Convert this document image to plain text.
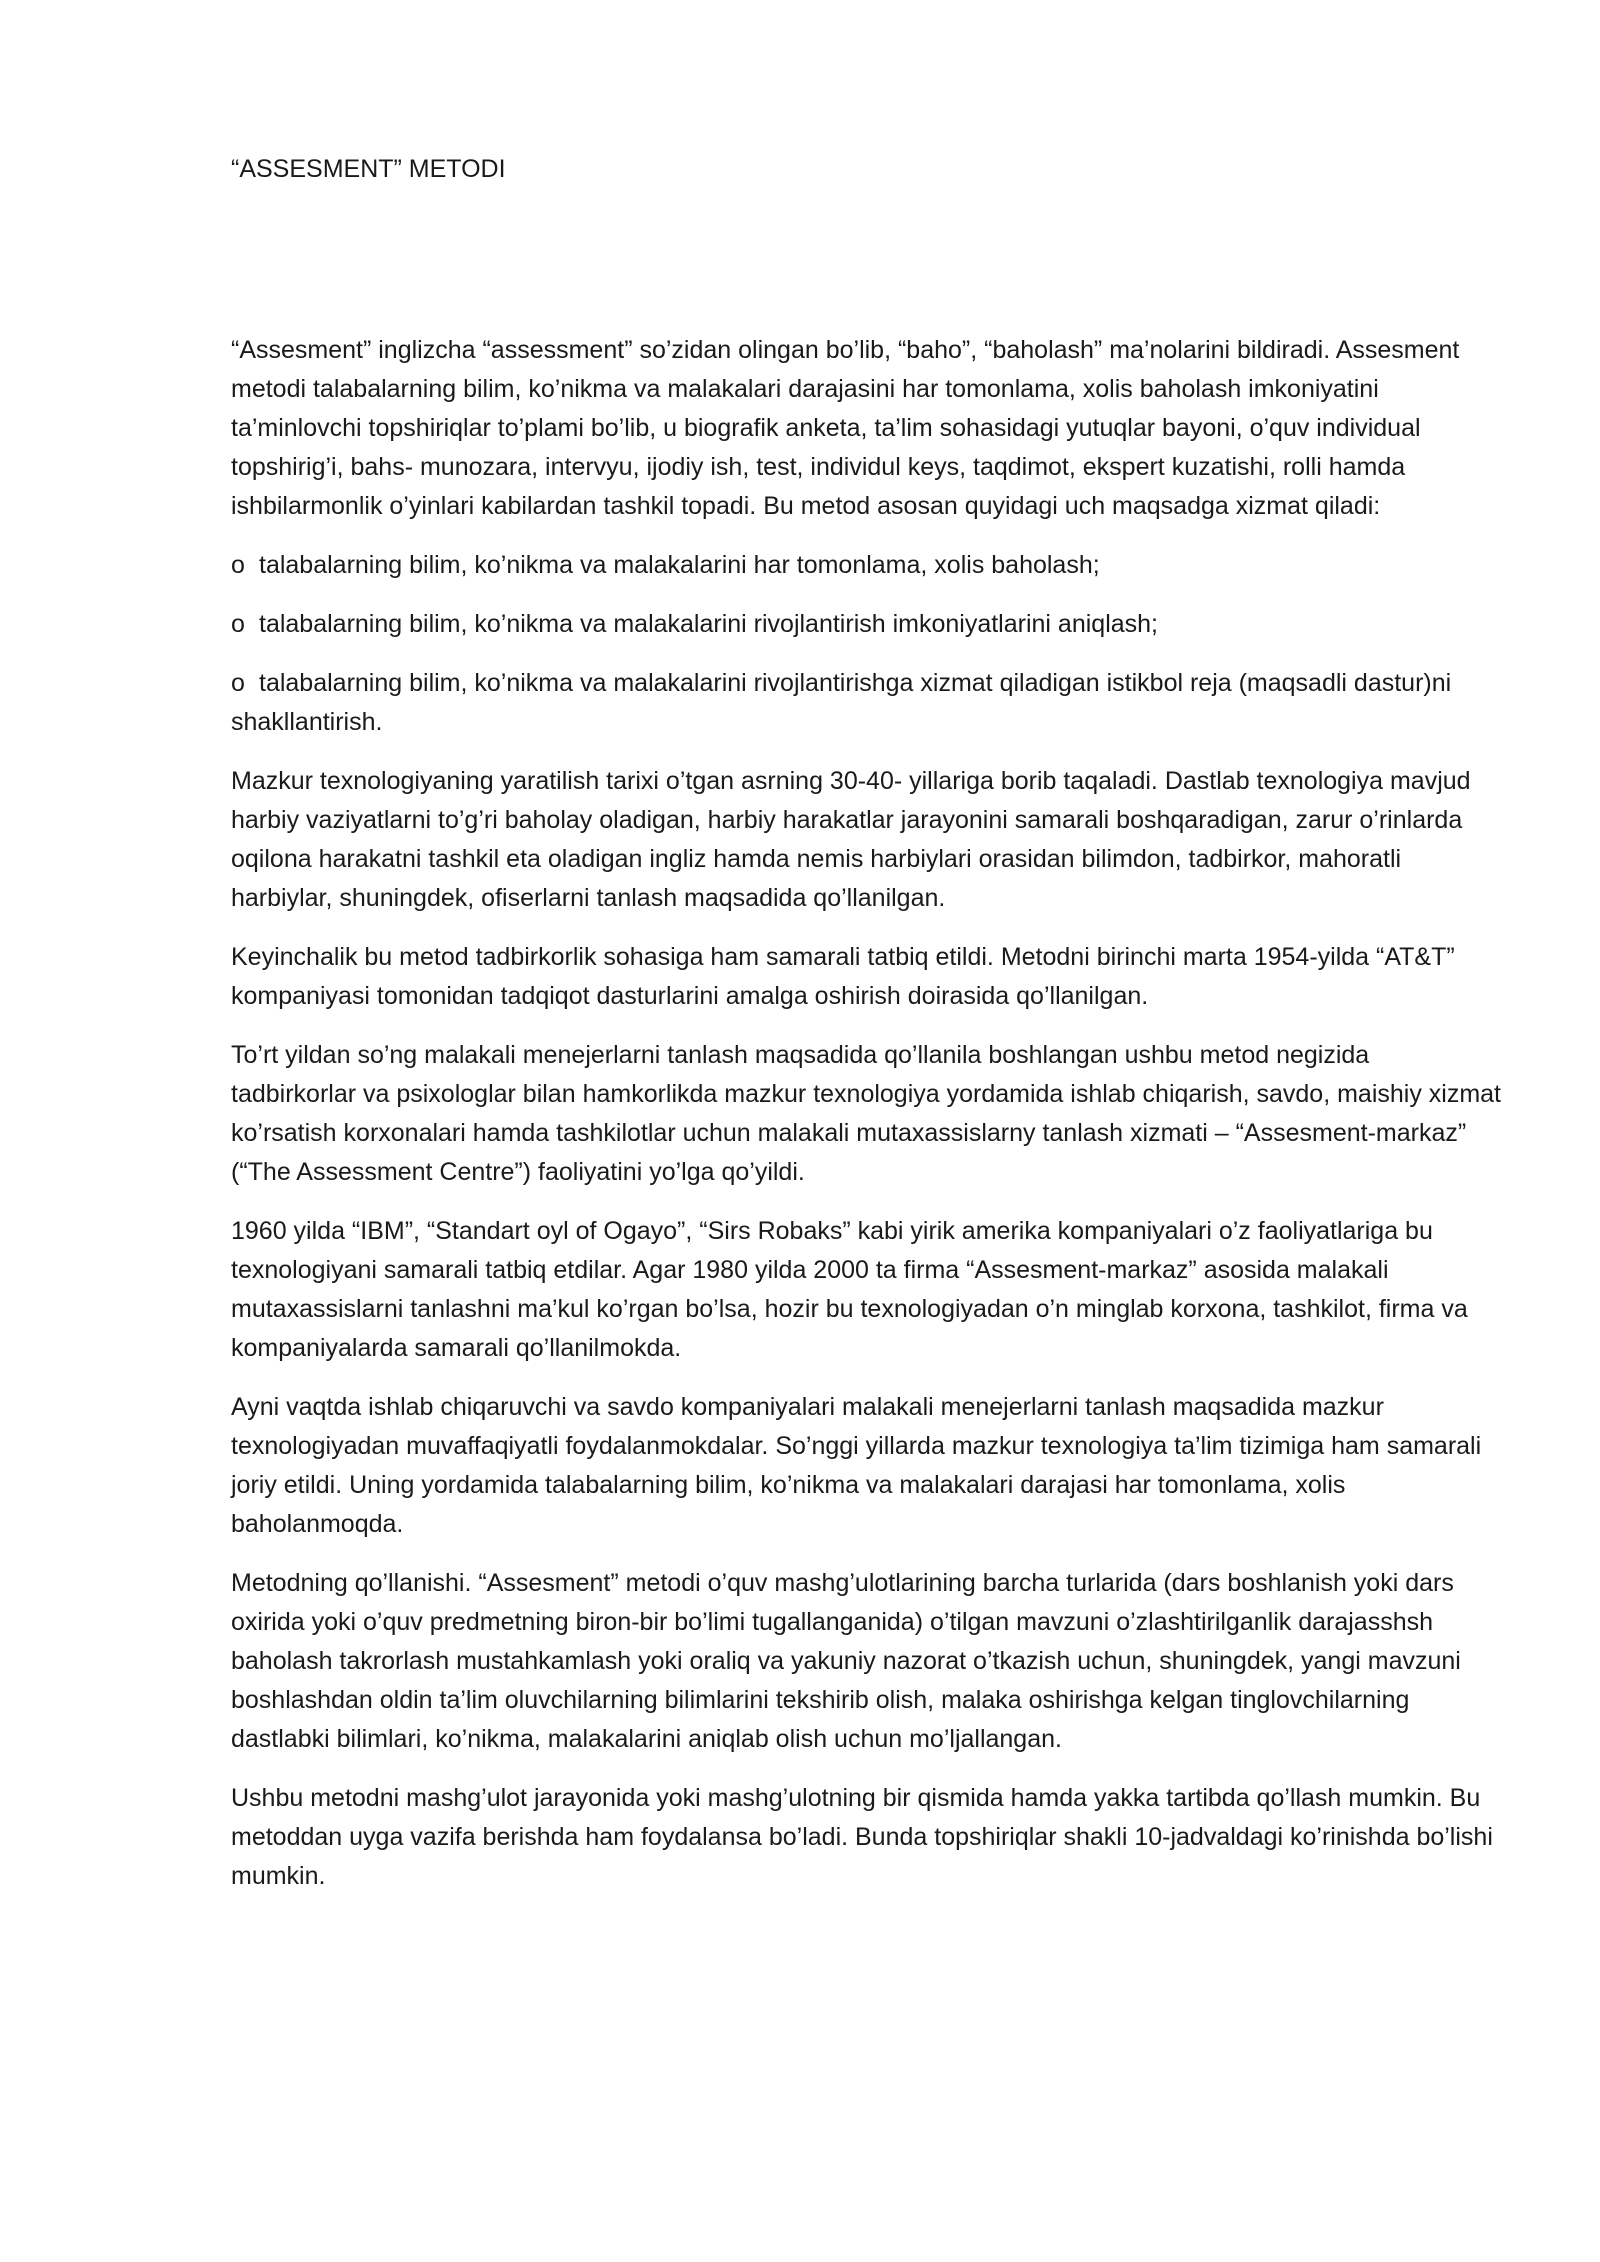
“ASSESMENT” METODI

“Assesment” inglizcha “assessment” so’zidan olingan bo’lib, “baho”, “baholash” ma’nolarini bildiradi. Assesment metodi talabalarning bilim, ko’nikma va malakalari darajasini har tomonlama, xolis baholash imkoniyatini ta’minlovchi topshiriqlar to’plami bo’lib, u biografik anketa, ta’lim sohasidagi yutuqlar bayoni, o’quv individual topshirig’i, bahs- munozara, intervyu, ijodiy ish, test, individul keys, taqdimot, ekspert kuzatishi, rolli hamda ishbilarmonlik o’yinlari kabilardan tashkil topadi. Bu metod asosan quyidagi uch maqsadga xizmat qiladi:

o talabalarning bilim, ko’nikma va malakalarini har tomonlama, xolis baholash;
o talabalarning bilim, ko’nikma va malakalarini rivojlantirish imkoniyatlarini aniqlash;
o talabalarning bilim, ko’nikma va malakalarini rivojlantirishga xizmat qiladigan istikbol reja (maqsadli dastur)ni shakllantirish.

Mazkur texnologiyaning yaratilish tarixi o’tgan asrning 30-40- yillariga borib taqaladi. Dastlab texnologiya mavjud harbiy vaziyatlarni to’g’ri baholay oladigan, harbiy harakatlar jarayonini samarali boshqaradigan, zarur o’rinlarda oqilona harakatni tashkil eta oladigan ingliz hamda nemis harbiylari orasidan bilimdon, tadbirkor, mahoratli harbiylar, shuningdek, ofiserlarni tanlash maqsadida qo’llanilgan.

Keyinchalik bu metod tadbirkorlik sohasiga ham samarali tatbiq etildi. Metodni birinchi marta 1954-yilda “AT&T” kompaniyasi tomonidan tadqiqot dasturlarini amalga oshirish doirasida qo’llanilgan.

To’rt yildan so’ng malakali menejerlarni tanlash maqsadida qo’llanila boshlangan ushbu metod negizida tadbirkorlar va psixologlar bilan hamkorlikda mazkur texnologiya yordamida ishlab chiqarish, savdo, maishiy xizmat ko’rsatish korxonalari hamda tashkilotlar uchun malakali mutaxassislarny tanlash xizmati – “Assesment-markaz” (“The Assessment Centre”) faoliyatini yo’lga qo’yildi.

1960 yilda “IBM”, “Standart oyl of Ogayo”, “Sirs Robaks” kabi yirik amerika kompaniyalari o’z faoliyatlariga bu texnologiyani samarali tatbiq etdilar. Agar 1980 yilda 2000 ta firma “Assesment-markaz” asosida malakali mutaxassislarni tanlashni ma’kul ko’rgan bo’lsa, hozir bu texnologiyadan o’n minglab korxona, tashkilot, firma va kompaniyalarda samarali qo’llanilmokda.

Ayni vaqtda ishlab chiqaruvchi va savdo kompaniyalari malakali menejerlarni tanlash maqsadida mazkur texnologiyadan muvaffaqiyatli foydalanmokdalar. So’nggi yillarda mazkur texnologiya ta’lim tizimiga ham samarali joriy etildi. Uning yordamida talabalarning bilim, ko’nikma va malakalari darajasi har tomonlama, xolis baholanmoqda.

Metodning qo’llanishi. “Assesment” metodi o’quv mashg’ulotlarining barcha turlarida (dars boshlanish yoki dars oxirida yoki o’quv predmetning biron-bir bo’limi tugallanganida) o’tilgan mavzuni o’zlashtirilganlik darajasshsh baholash takrorlash mustahkamlash yoki oraliq va yakuniy nazorat o’tkazish uchun, shuningdek, yangi mavzuni boshlashdan oldin ta’lim oluvchilarning bilimlarini tekshirib olish, malaka oshirishga kelgan tinglovchilarning dastlabki bilimlari, ko’nikma, malakalarini aniqlab olish uchun mo’ljallangan.

Ushbu metodni mashg’ulot jarayonida yoki mashg’ulotning bir qismida hamda yakka tartibda qo’llash mumkin. Bu metoddan uyga vazifa berishda ham foydalansa bo’ladi. Bunda topshiriqlar shakli 10-jadvaldagi ko’rinishda bo’lishi mumkin.
